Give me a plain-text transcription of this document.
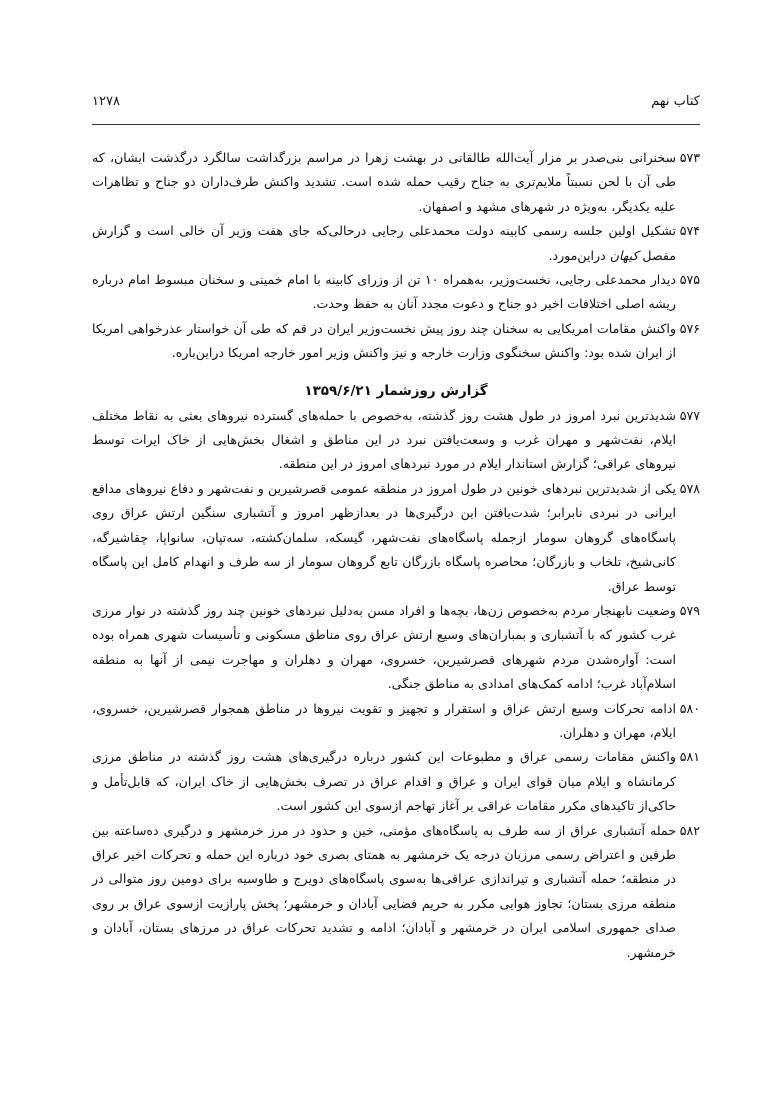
۱۲۷۸	کتاب نهم
۵۷۳
سخنرانی بنی‌صدر بر مزار آیت‌الله طالقانی در بهشت زهرا در مراسم بزرگداشت سالگرد درگذشت ایشان، که طی آن با لحن نسبتاً ملایم‌تری به جناح رقیب حمله شده است. تشدید واکنش طرف‌داران دو جناح و تظاهرات علیه یکدیگر، به‌ویژه در شهرهای مشهد و اصفهان.
۵۷۴
تشکیل اولین جلسه رسمی کابینه دولت محمدعلی رجایی درحالی‌که جای هفت وزیر آن خالی است و گزارش مفصل کیهان دراین‌مورد.
۵۷۵
دیدار محمدعلی رجایی، نخست‌وزیر، به‌همراه ۱۰ تن از وزرای کابینه با امام خمینی و سخنان مبسوط امام درباره ریشه اصلی اختلافات اخیر دو جناح و دعوت مجدد آنان به حفظ وحدت.
۵۷۶
واکنش مقامات امریکایی به سخنان چند روز پیش نخست‌وزیر ایران در قم که طی آن خواستار عذرخواهی امریکا از ایران شده بود: واکنش سخنگوی وزارت خارجه و نیز واکنش وزیر امور خارجه امریکا دراین‌باره.
گزارش روزشمار ۱۳۵۹/۶/۲۱
۵۷۷
شدیدترین نبرد امروز در طول هشت روز گذشته، به‌خصوص با حمله‌های گسترده نیروهای بعثی به نقاط مختلف ایلام، نفت‌شهر و مهران غرب و وسعت‌یافتن نبرد در این مناطق و اشغال بخش‌هایی از خاک ایرات توسط نیروهای عراقی؛ گزارش استاندار ایلام در مورد نبردهای امروز در این منطقه.
۵۷۸
یکی از شدیدترین نبردهای خونین در طول امروز در منطقه عمومی قصرشیرین و نفت‌شهر و دفاع نیروهای مدافع ایرانی در نبردی نابرابر؛ شدت‌یافتن این درگیری‌ها در بعدازظهر امروز و آتشباری سنگین ارتش عراق روی پاسگاه‌های گروهان سومار ازجمله پاسگاه‌های نفت‌شهر، گیسکه، سلمان‌کشته، سه‌تپان، سانواپا، چقاشیرگه، کانی‌شیخ، تلخاب و بازرگان؛ محاصره پاسگاه بازرگان تابع گروهان سومار از سه طرف و انهدام کامل این پاسگاه توسط عراق.
۵۷۹
وضعیت نابهنجار مردم به‌خصوص زن‌ها، بچه‌ها و افراد مسن به‌دلیل نبردهای خونین چند روز گذشته در نوار مرزی غرب کشور که با آتشباری و بمباران‌های وسیع ارتش عراق روی مناطق مسکونی و تأسیسات شهری همراه بوده است: آواره‌شدن مردم شهرهای قصرشیرین، خسروی، مهران و دهلران و مهاجرت نیمی از آنها به منطقه اسلام‌آباد غرب؛ ادامه کمک‌های امدادی به مناطق جنگی.
۵۸۰
ادامه تحرکات وسیع ارتش عراق و استقرار و تجهیز و تقویت نیروها در مناطق همجوار قصرشیرین، خسروی، ایلام، مهران و دهلران.
۵۸۱
واکنش مقامات رسمی عراق و مطبوعات این کشور درباره درگیری‌های هشت روز گذشته در مناطق مرزی کرمانشاه و ایلام میان قوای ایران و عراق و اقدام عراق در تصرف بخش‌هایی از خاک ایران، که قابل‌تأمل و حاکی‌از تاکیدهای مکرر مقامات عراقی بر آغاز تهاجم ازسوی این کشور است.
۵۸۲
حمله آتشباری عراق از سه طرف به پاسگاه‌های مؤمنی، خین و حدود در مرز خرمشهر و درگیری ده‌ساعته بین طرفین و اعتراض رسمی مرزبان درجه یک خرمشهر به همتای بصری خود درباره این حمله و تحرکات اخیر عراق در منطقه؛ حمله آتشباری و تیراندازی عراقی‌ها به‌سوی پاسگاه‌های دویرج و طاوسیه برای دومین روز متوالی در منطقه مرزی بستان؛ تجاوز هوایی مکرر به حریم فضایی آبادان و خرمشهر؛ پخش پارازیت ازسوی عراق بر روی صدای جمهوری اسلامی ایران در خرمشهر و آبادان؛ ادامه و تشدید تحرکات عراق در مرزهای بستان، آبادان و خرمشهر.
